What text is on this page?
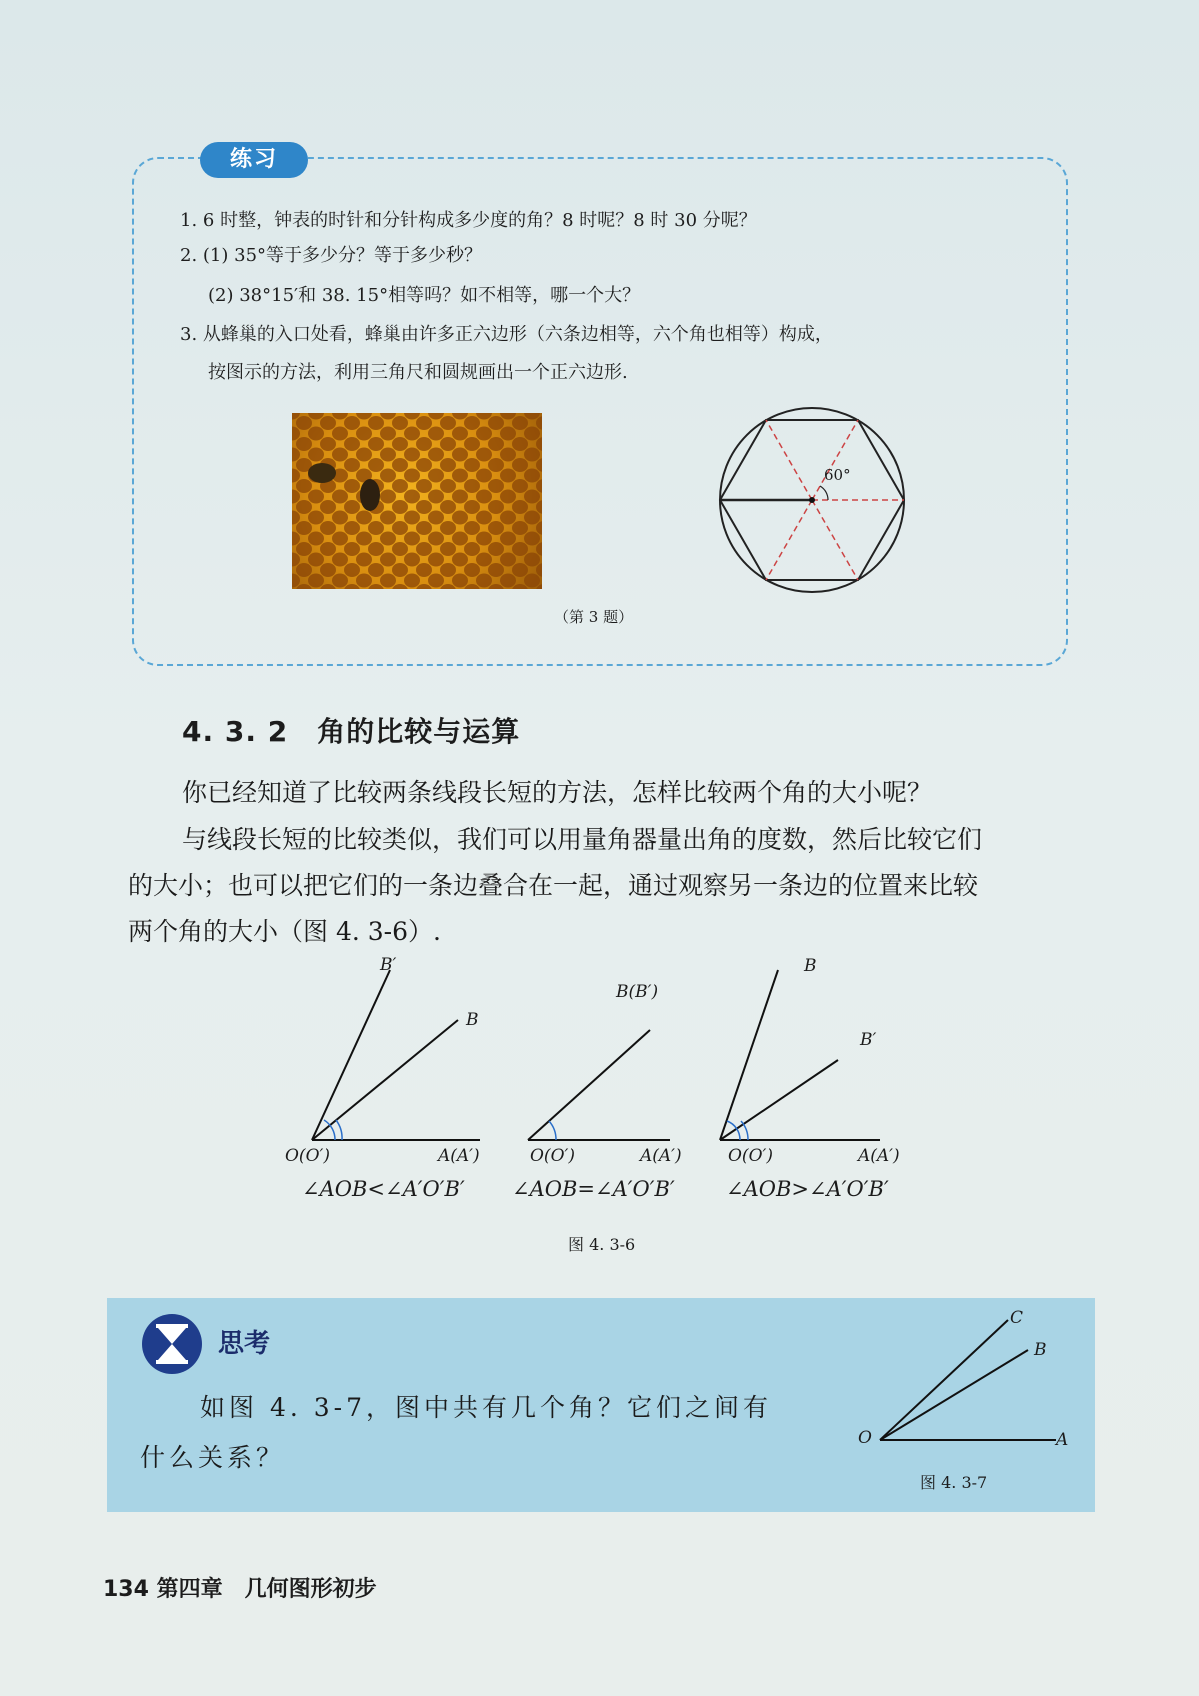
练习
1. 6 时整，钟表的时针和分针构成多少度的角？8 时呢？8 时 30 分呢？
2. (1) 35°等于多少分？等于多少秒？
(2) 38°15′和 38. 15°相等吗？如不相等，哪一个大？
3. 从蜂巢的入口处看，蜂巢由许多正六边形（六条边相等，六个角也相等）构成，
按图示的方法，利用三角尺和圆规画出一个正六边形.
60°
（第 3 题）
4. 3. 2　角的比较与运算
你已经知道了比较两条线段长短的方法，怎样比较两个角的大小呢？
与线段长短的比较类似，我们可以用量角器量出角的度数，然后比较它们
的大小；也可以把它们的一条边叠合在一起，通过观察另一条边的位置来比较
两个角的大小（图 4. 3-6）.
B′
B
O(O′)	A(A′)
∠AOB<∠A′O′B′
B(B′)
O(O′)	A(A′)
∠AOB=∠A′O′B′
B
B′
O(O′)	A(A′)
∠AOB>∠A′O′B′
图 4. 3-6
思考
如图 4. 3-7，图中共有几个角？它们之间有
什么关系？
C
B
O	A
图 4. 3-7
134 第四章　几何图形初步
